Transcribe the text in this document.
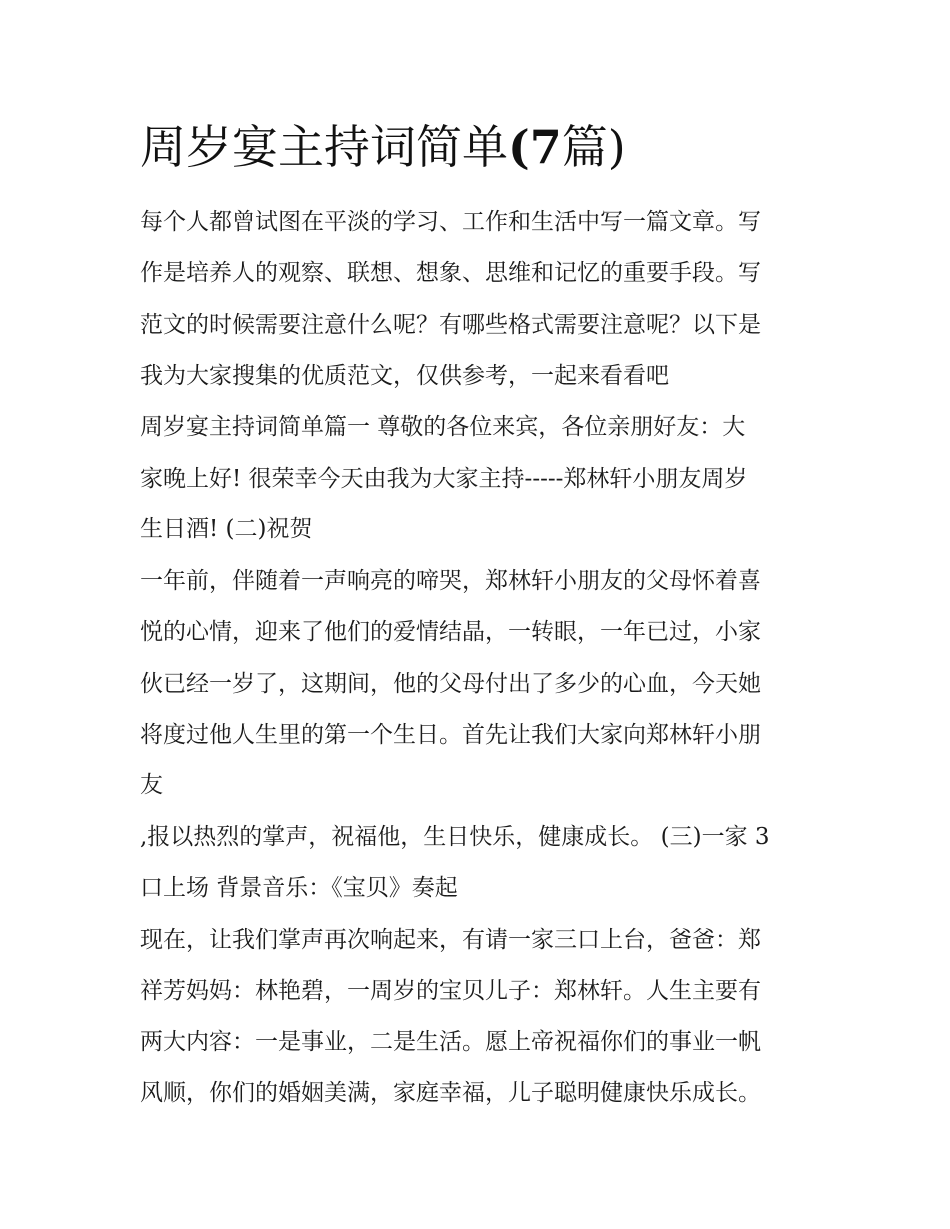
周岁宴主持词简单(7篇)

每个人都曾试图在平淡的学习、工作和生活中写一篇文章。写

作是培养人的观察、联想、想象、思维和记忆的重要手段。写

范文的时候需要注意什么呢？有哪些格式需要注意呢？以下是

我为大家搜集的优质范文，仅供参考，一起来看看吧

周岁宴主持词简单篇一 尊敬的各位来宾，各位亲朋好友：大

家晚上好! 很荣幸今天由我为大家主持-----郑林轩小朋友周岁

生日酒! (二)祝贺

一年前，伴随着一声响亮的啼哭，郑林轩小朋友的父母怀着喜

悦的心情，迎来了他们的爱情结晶，一转眼，一年已过，小家

伙已经一岁了，这期间，他的父母付出了多少的心血，今天她

将度过他人生里的第一个生日。首先让我们大家向郑林轩小朋

友

,报以热烈的掌声，祝福他，生日快乐，健康成长。 (三)一家 3

口上场 背景音乐：《宝贝》奏起

现在，让我们掌声再次响起来，有请一家三口上台，爸爸：郑

祥芳妈妈：林艳碧，一周岁的宝贝儿子：郑林轩。人生主要有

两大内容：一是事业，二是生活。愿上帝祝福你们的事业一帆

风顺，你们的婚姻美满，家庭幸福，儿子聪明健康快乐成长。
